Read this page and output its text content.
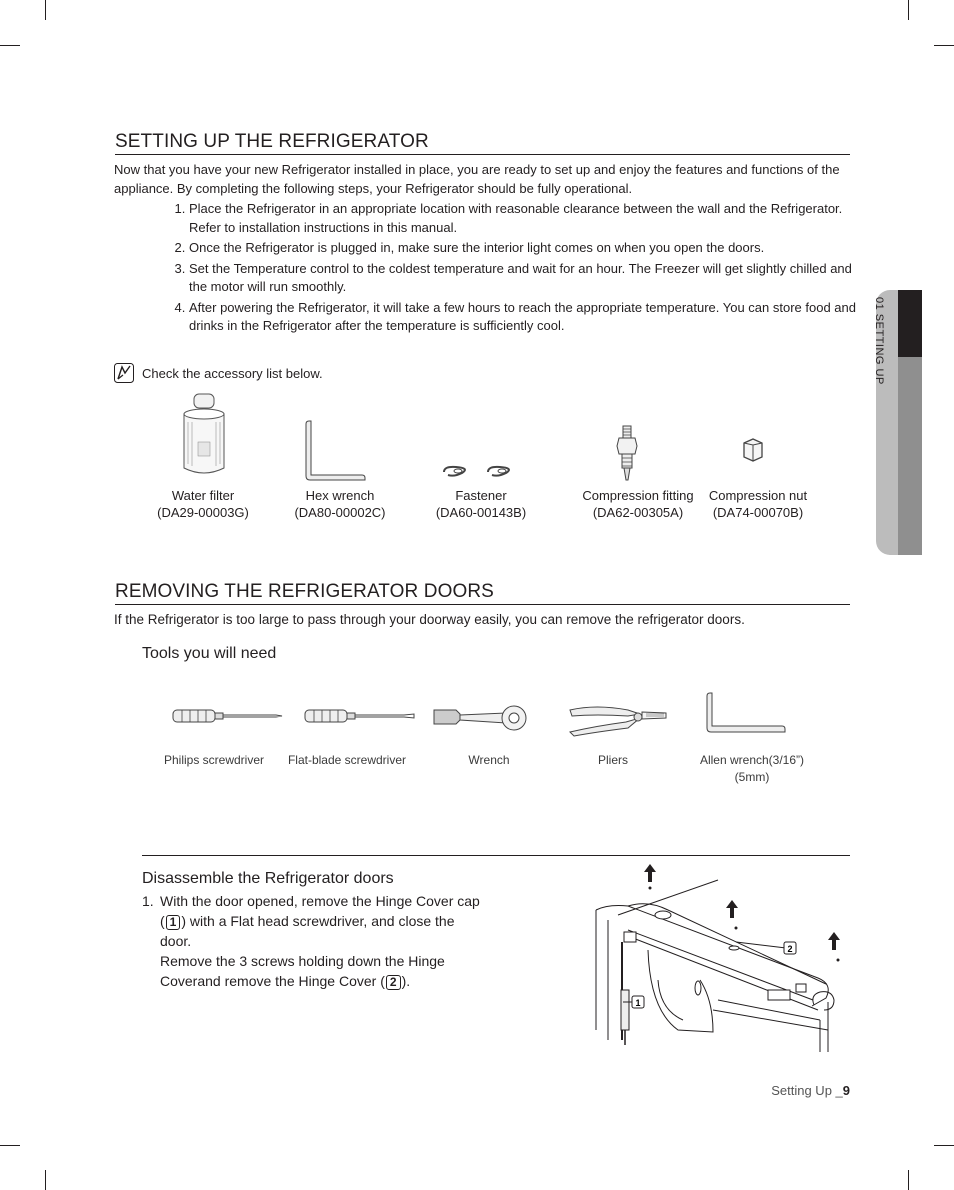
01 SETTING UP
SETTING UP THE REFRIGERATOR

Now that you have your new Refrigerator installed in place, you are ready to set up and enjoy the features and functions of the appliance. By completing the following steps, your Refrigerator should be fully operational.

1. Place the Refrigerator in an appropriate location with reasonable clearance between the wall and the Refrigerator. Refer to installation instructions in this manual.
2. Once the Refrigerator is plugged in, make sure the interior light comes on when you open the doors.
3. Set the Temperature control to the coldest temperature and wait for an hour. The Freezer will get slightly chilled and the motor will run smoothly.
4. After powering the Refrigerator, it will take a few hours to reach the appropriate temperature. You can store food and drinks in the Refrigerator after the temperature is sufficiently cool.
Check the accessory list below.
Water filter
(DA29-00003G)
Hex wrench
(DA80-00002C)
Fastener
(DA60-00143B)
Compression fitting
(DA62-00305A)
Compression nut
(DA74-00070B)
REMOVING THE REFRIGERATOR DOORS

If the Refrigerator is too large to pass through your doorway easily, you can remove the refrigerator doors.

Tools you will need
Philips screwdriver	Flat-blade screwdriver	Wrench	Pliers	Allen wrench(3/16”)
(5mm)
Disassemble the Refrigerator doors
1. With the door opened, remove the Hinge Cover cap
( 1 ) with a Flat head screwdriver, and close the
door.
Remove the 3 screws holding down the Hinge
Coverand remove the Hinge Cover ( 2 ).
2
1
Setting Up _9
